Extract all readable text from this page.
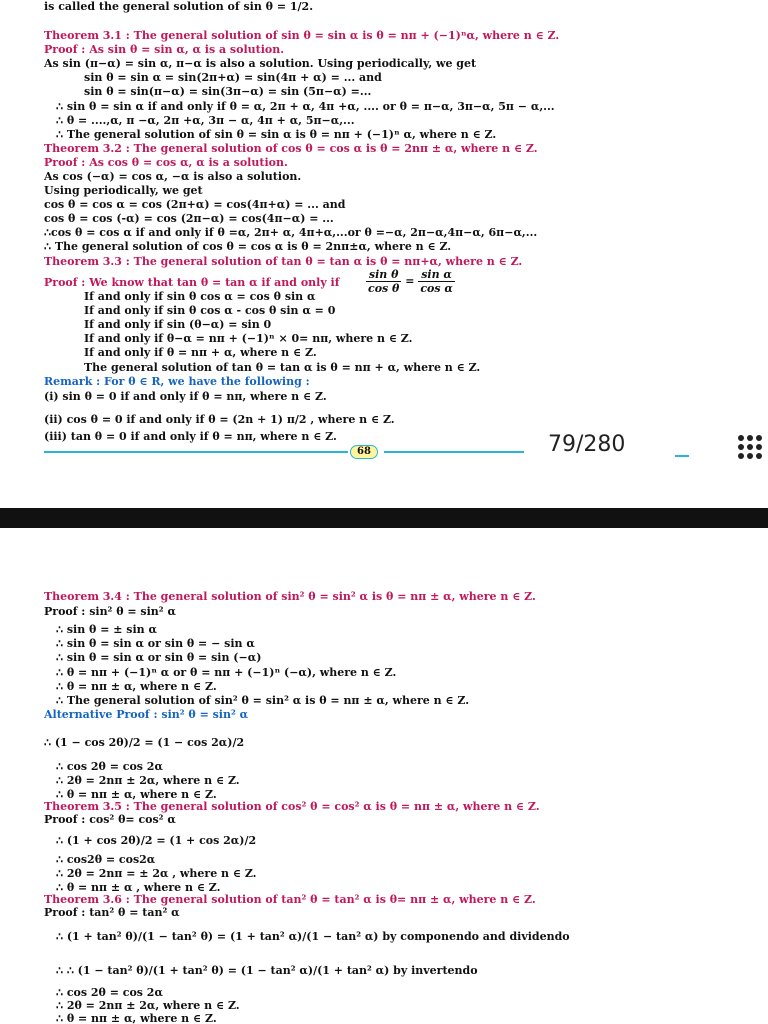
is called the general solution of sin θ = 1/2.
Theorem 3.1 : The general solution of sin θ = sin α is θ = nπ + (−1)ⁿα, where n ∈ Z.
Proof : As sin θ = sin α, α is a solution.
As sin (π−α) = sin α, π−α is also a solution. Using periodically, we get
sin θ = sin α = sin(2π+α) = sin(4π + α) = ... and
sin θ = sin(π−α) = sin(3π−α) = sin (5π−α) =...
∴ sin θ = sin α if and only if θ = α, 2π + α, 4π +α, .... or θ = π−α, 3π−α, 5π − α,...
∴ θ = ....,α, π −α, 2π +α, 3π − α, 4π + α, 5π−α,...
∴ The general solution of sin θ = sin α is θ = nπ + (−1)ⁿ α, where n ∈ Z.
Theorem 3.2 : The general solution of cos θ = cos α is θ = 2nπ ± α, where n ∈ Z.
Proof : As cos θ = cos α, α is a solution.
As cos (−α) = cos α, −α is also a solution.
Using periodically, we get
cos θ = cos α = cos (2π+α) = cos(4π+α) = ... and
cos θ = cos (-α) = cos (2π−α) = cos(4π−α) = ...
∴cos θ = cos α if and only if θ =α, 2π+ α, 4π+α,...or θ =−α, 2π−α,4π−α, 6π−α,...
∴ The general solution of cos θ = cos α is θ = 2nπ±α, where n ∈ Z.
Theorem 3.3 : The general solution of tan θ = tan α is θ = nπ+α, where n ∈ Z.
Proof : We know that tan θ = tan α if and only if $\frac{\text{sin θ}}{\text{cos θ}} = \frac{\text{sin α}}{\text{cos α}}$
If and only if sin θ cos α = cos θ sin α
If and only if sin θ cos α - cos θ sin α = 0
If and only if sin (θ−α) = sin 0
If and only if θ−α = nπ + (−1)ⁿ × 0= nπ, where n ∈ Z.
If and only if θ = nπ + α, where n ∈ Z.
The general solution of tan θ = tan α is θ = nπ + α, where n ∈ Z.
Remark : For θ ∈ R, we have the following :
(i) sin θ = 0 if and only if θ = nπ, where n ∈ Z.
(ii) cos θ = 0 if and only if θ = (2n + 1) π/2 , where n ∈ Z.
(iii) tan θ = 0 if and only if θ = nπ, where n ∈ Z.
68	79/280
Theorem 3.4 : The general solution of sin² θ = sin² α is θ = nπ ± α, where n ∈ Z.
Proof : sin² θ = sin² α
∴ sin θ = ± sin α
∴ sin θ = sin α or sin θ = − sin α
∴ sin θ = sin α or sin θ = sin (−α)
∴ θ = nπ + (−1)ⁿ α or θ = nπ + (−1)ⁿ (−α), where n ∈ Z.
∴ θ = nπ ± α, where n ∈ Z.
∴ The general solution of sin² θ = sin² α is θ = nπ ± α, where n ∈ Z.
Alternative Proof : sin² θ = sin² α
∴ (1 − cos 2θ)/2 = (1 − cos 2α)/2
∴ cos 2θ = cos 2α
∴ 2θ = 2nπ ± 2α, where n ∈ Z.
∴ θ = nπ ± α, where n ∈ Z.
Theorem 3.5 : The general solution of cos² θ = cos² α is θ = nπ ± α, where n ∈ Z.
Proof : cos² θ= cos² α
∴ (1 + cos 2θ)/2 = (1 + cos 2α)/2
∴ cos2θ = cos2α
∴ 2θ = 2nπ = ± 2α , where n ∈ Z.
∴ θ = nπ ± α , where n ∈ Z.
Theorem 3.6 : The general solution of tan² θ = tan² α is θ= nπ ± α, where n ∈ Z.
Proof : tan² θ = tan² α
∴ (1 + tan² θ)/(1 − tan² θ) = (1 + tan² α)/(1 − tan² α) by componendo and dividendo
∴ ∴ (1 − tan² θ)/(1 + tan² θ) = (1 − tan² α)/(1 + tan² α) by invertendo
∴ cos 2θ = cos 2α
∴ 2θ = 2nπ ± 2α, where n ∈ Z.
∴ θ = nπ ± α, where n ∈ Z.
